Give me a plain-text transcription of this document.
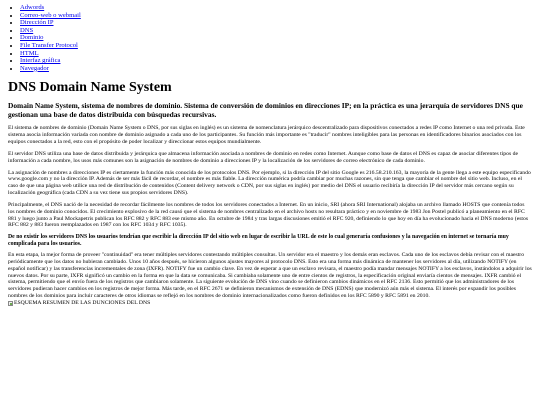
• Adwords
• Correo-web o webmail
• Dirección IP
• DNS
• Dominio
• File Transfer Protocol
• HTML
• Interfaz gráfica
• Navegador
DNS Domain Name System
Domain Name System, sistema de nombres de dominio. Sistema de conversión de dominios en direcciones IP; en la práctica es una jerarquía de servidores DNS que gestionan una base de datos distribuida con búsquedas recursivas.

El sistema de nombres de dominio (Domain Name System o DNS, por sus siglas en inglés) es un sistema de nomenclatura jerárquico descentralizado para dispositivos conectados a redes IP como Internet o una red privada. Este sistema asocia información variada con nombre de dominio asignado a cada uno de los participantes. Su función más importante es "traducir" nombres inteligibles para las personas en identificadores binarios asociados con los equipos conectados a la red, esto con el propósito de poder localizar y direccionar estos equipos mundialmente.

El servidor DNS utiliza una base de datos distribuida y jerárquica que almacena información asociada a nombres de dominio en redes como Internet. Aunque como base de datos el DNS es capaz de asociar diferentes tipos de información a cada nombre, los usos más comunes son la asignación de nombres de dominio a direcciones IP y la localización de los servidores de correo electrónico de cada dominio.

La asignación de nombres a direcciones IP es ciertamente la función más conocida de los protocolos DNS. Por ejemplo, si la dirección IP del sitio Google es 216.58.210.163, la mayoría de la gente llega a este equipo especificando www.google.com y no la dirección IP. Además de ser más fácil de recordar, el nombre es más fiable. La dirección numérica podría cambiar por muchas razones, sin que tenga que cambiar el nombre del sitio web. Incluso, en el caso de que una página web utilice una red de distribución de contenidos (Content delivery network o CDN, por sus siglas en inglés) por medio del DNS el usuario recibiría la dirección IP del servidor más cercano según su localización geográfica (cada CDN a su vez tiene sus propios servidores DNS).

Principalmente, el DNS nació de la necesidad de recordar fácilmente los nombres de todos los servidores conectados a Internet. En un inicio, SRI (ahora SRI International) alojaba un archivo llamado HOSTS que contenía todos los nombres de dominio conocidos. El crecimiento explosivo de la red causó que el sistema de nombres centralizado en el archivo hosts no resultara práctico y en noviembre de 1983 Jon Postel publicó a planeamiento en el RFC 881 y luego junto a Paul Mockapetris publican los RFC 882 y RFC 883 ese mismo año. En octubre de 1984 y tras largas discusiones emitió el RFC 920, definiendo lo que hoy en día ha evolucionado hacia el DNS moderno (estos RFC 882 y 883 fueron reemplazados en 1987 con los RFC 1034 y RFC 1035).

De no existir los servidores DNS los usuarios tendrían que escribir la dirección IP del sitio web en lugar de escribir la URL de este lo cual generaría confusiones y la navegación en internet se tornaría muy complicada para los usuarios.

En esta etapa, la mejor forma de proveer "continuidad" era tener múltiples servidores contestando múltiples consultas. Un servidor era el maestro y los demás eran esclavos. Cada uno de los esclavos debía revisar con el maestro periódicamente que los datos no hubieran cambiado. Unos 10 años después, se hicieron algunos ajustes mayores al protocolo DNS. Esto era una forma más dinámica de mantener los servidores al día, utilizando NOTIFY (en español notificar) y las transferencias incrementales de zona (IXFR). NOTIFY fue un cambio clave. En vez de esperar a que un esclavo revisara, el maestro podía mandar mensajes NOTIFY a los esclavos, instándolos a adquirir los nuevos datos. Por su parte, IXFR significó un cambio en la forma en que la data se comunicaba. Si cambiaba solamente uno de entre cientos de registros, la especificación original enviaría cientos de mensajes. IXFR cambió el sistema, permitiendo que el envío fuera de los registros que cambiaron solamente. La siguiente evolución de DNS vino cuando se definieron cambios dinámicos en el RFC 2136. Esto permitió que los administradores de los servidores pudieran hacer cambios en los registros de mejor forma. Más tarde, en el RFC 2671 se definieron mecanismos de extensión de DNS (EDNS) que modernizó aún más el sistema. El interés por expandir los posibles nombres de los dominios para incluir caracteres de otros idiomas se reflejó en los nombres de dominio internacionalizados como fueron definidos en los RFC 5890 y RFC 5891 en 2010.
ESQUEMA RESUMEN DE LAS DUNCIONES DEL DNS
